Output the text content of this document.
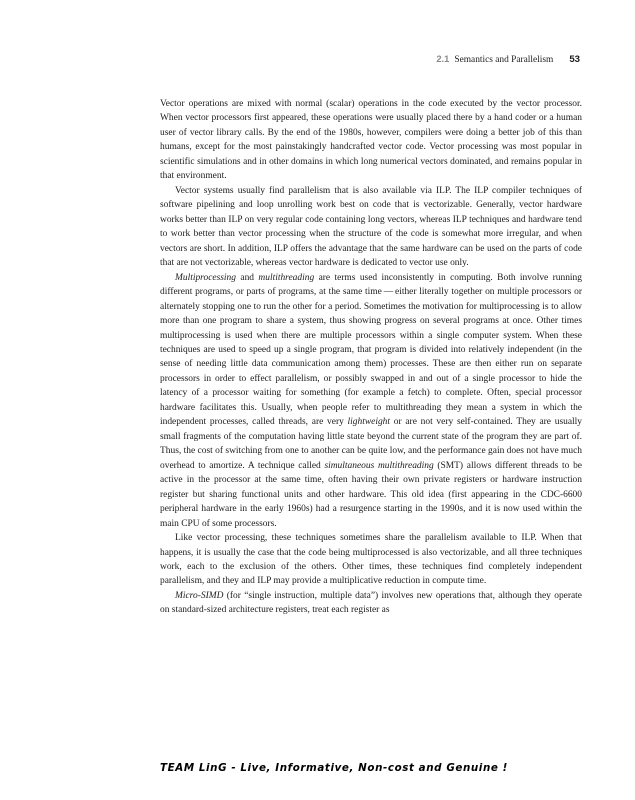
2.1 Semantics and Parallelism 53

Vector operations are mixed with normal (scalar) operations in the code executed by the vector processor. When vector processors first appeared, these operations were usually placed there by a hand coder or a human user of vector library calls. By the end of the 1980s, however, compilers were doing a better job of this than humans, except for the most painstakingly handcrafted vector code. Vector processing was most popular in scientific simulations and in other domains in which long numerical vectors dominated, and remains popular in that environment.

Vector systems usually find parallelism that is also available via ILP. The ILP compiler techniques of software pipelining and loop unrolling work best on code that is vectorizable. Generally, vector hardware works better than ILP on very regular code containing long vectors, whereas ILP techniques and hardware tend to work better than vector processing when the structure of the code is somewhat more irregular, and when vectors are short. In addition, ILP offers the advantage that the same hardware can be used on the parts of code that are not vectorizable, whereas vector hardware is dedicated to vector use only.

Multiprocessing and multithreading are terms used inconsistently in computing. Both involve running different programs, or parts of programs, at the same time — either literally together on multiple processors or alternately stopping one to run the other for a period. Sometimes the motivation for multiprocessing is to allow more than one program to share a system, thus showing progress on several programs at once. Other times multiprocessing is used when there are multiple processors within a single computer system. When these techniques are used to speed up a single program, that program is divided into relatively independent (in the sense of needing little data communication among them) processes. These are then either run on separate processors in order to effect parallelism, or possibly swapped in and out of a single processor to hide the latency of a processor waiting for something (for example a fetch) to complete. Often, special processor hardware facilitates this. Usually, when people refer to multithreading they mean a system in which the independent processes, called threads, are very lightweight or are not very self-contained. They are usually small fragments of the computation having little state beyond the current state of the program they are part of. Thus, the cost of switching from one to another can be quite low, and the performance gain does not have much overhead to amortize. A technique called simultaneous multithreading (SMT) allows different threads to be active in the processor at the same time, often having their own private registers or hardware instruction register but sharing functional units and other hardware. This old idea (first appearing in the CDC-6600 peripheral hardware in the early 1960s) had a resurgence starting in the 1990s, and it is now used within the main CPU of some processors.

Like vector processing, these techniques sometimes share the parallelism available to ILP. When that happens, it is usually the case that the code being multiprocessed is also vectorizable, and all three techniques work, each to the exclusion of the others. Other times, these techniques find completely independent parallelism, and they and ILP may provide a multiplicative reduction in compute time.

Micro-SIMD (for “single instruction, multiple data”) involves new operations that, although they operate on standard-sized architecture registers, treat each register as

TEAM LinG - Live, Informative, Non-cost and Genuine !
